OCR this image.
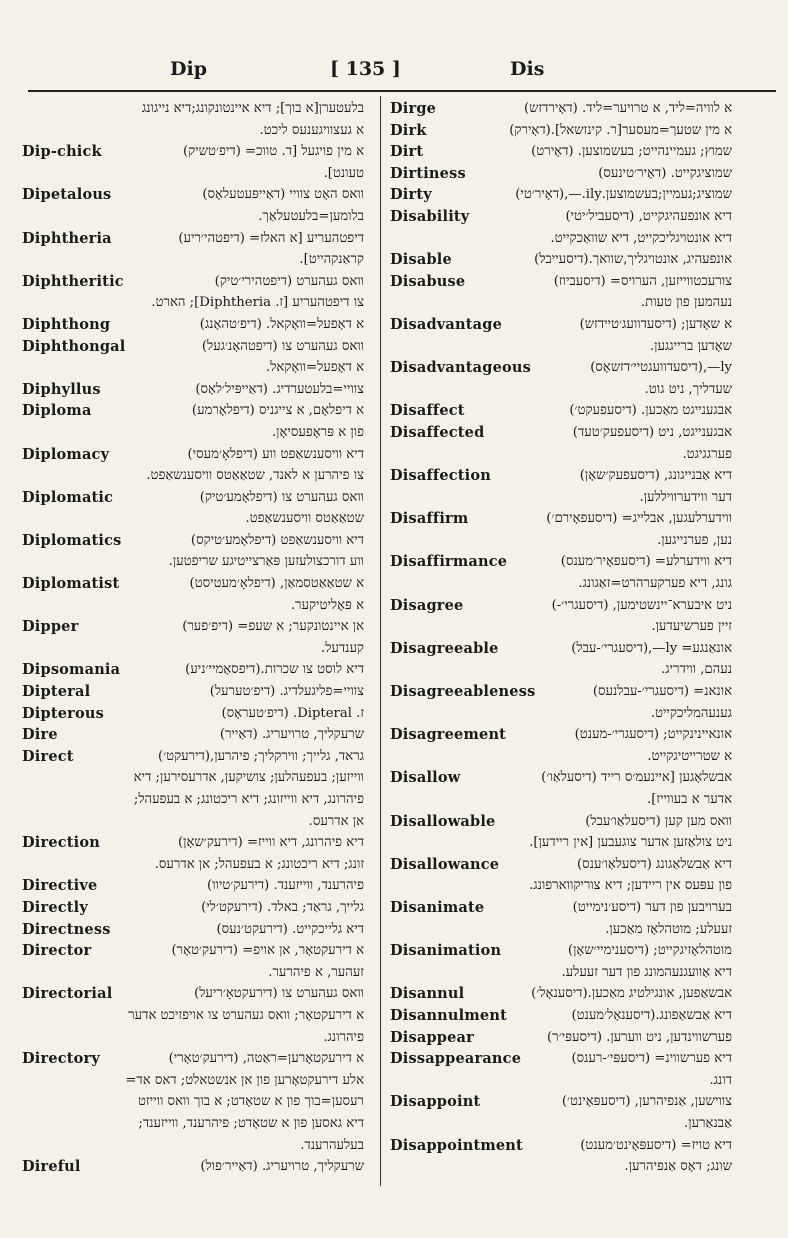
Dip	[ 135 ]	Dis
בלעטערן[א בוך]; דיא איינטונקונג;דיא נייגונג
א געצוויגענעס ליכט.
Dip-chick	א מין פויגעל [ד. טווכ= (דיפ׳טשיק)
טעונט].
Dipetalous	וואס האָט צוויי (דאַייפּעטעלאָס)
בלומען=בלעטעלאַך.
Diphtheria	דיפטהעריע [א האלז= (דיפטהי׳ריע)
קראַנקהייט].
Diphtheritic	וואס געהערט (דיפטהירי׳טיק)
צו דיפטהעריע [ז. Diphtheria]; הארט.
Diphthong	א דאָפעל=וואָקאל. (דיפ׳טהאָנג)
Diphthongal	וואס געהערט צו (דיפטהאָנ׳געל)
א דאָפעל=וואָקאל.
Diphyllus	צוויי=בלעטערדיג. (דאַייפּיל׳לאָס)
Diploma	א דיפלאָם, א צייגניס (דיפלאָרמע)
פון א פּראָפעסיאָן.
Diplomacy	דיא וויסענשאַפט ווע (דיפלאָ׳מעסי)
צו פיהרען א לאנד, שטאַאַטס וויסענשאַפט.
Diplomatic	וואס געהערט צו (דיפלאָמע׳טיק)
שטאַאַטס וויסענשאַפט.
Diplomatics	דיא וויסענשאַפט (דיפלאָמע׳טיקס)
ווע דורכצולעזען פּאַרצייטיגע שריפטען.
Diplomatist	א שטאַאַטסמאַן, (דיפלאָ׳מעטיסט)
א פּאָליטיקער.
Dipper	אן איינטונקער; א שעפ= (דיפ׳פער)
קענדעל.
Dipsomania	דיא לוסט צו שכרות.(דיפסאָמיי׳ניע)
Dipteral	צוויי=פליגעלדיג. (דיפ׳טערעל)
Dipterous	ז. Dipteral. (דיפ׳טעראָס)
Dire	שרעקליך, טרויעריג. (דאַייר)
Direct	גראד, גלייך; ווירקליך; פיהרען,(דירעקט׳)
ווייזען; בעפעהלען; צושיקען, אדרעסירען; דיא
פיהרונג, דיא ווייזונג; דיא ריכטונג; א בעפעהל;
אן אדרעס.
Direction	דיא פיהרונג, דיא ווייז= (דירעק׳שאָן)
זונג; דיא ריכטונג; א בעפעהל; אן אדרעס.
Directive	פיהרענד, ווייזענד. (דירעק׳טיוו)
Directly	גלייך, גראַד; באלד. (דירעקט׳לי)
Directness	דיא גלייכקייט. (דירעקט׳נעס)
Director	א דירעקטאָר, אן אויפ= (דירעק׳טאָר)
זעהער, א פיהרער.
Directorial	וואס געהערט צו (דירעקטאָ׳ריעל)
א דירעקטאָר; וואס געהערט צו אויפזיכט אדער
פיהרונג.
Directory	א דירעקטאָרען=ראַטה, (דירעק׳טאָרי)
אלע דירעקטאָרען פון אן אנשטאלט; דאס אד=
רעסען=בוך פון א שטאָדט; א בוך וואס ווייזט
דיא גאסען פון א שטאָדט; פיהרענד, ווייזענד;
בעלעהרענד.
Direful	שרעקליך, טרויעריג. (דאַייר׳פול)
Dirge	א לוויה=ליד, א טרויער=ליד. (דאָירדזש)
Dirk	א מין שטעך=מעסער[ר. קינזשאל].(דאָירק)
Dirt	שמוץ; געמיינהייט; בעשמוצען. (דאָירט)
Dirtiness	שמוציגקייט. (דאָיר׳טינעס)
Dirty	שמוציג;געמיין;בעשמוצען.ily.—,(דאָיר׳טי)
Disability	דיא אונפעהיגקייט, (דיסעביל׳יטי)
דיא אונטויגליכקייט, דיא שוואַכקייט.
Disable	אונפעהיג, אונטויגליך,שוואך.(דיסעייבל)
Disabuse	צורעכטווייזען, הערויס= (דיסעביוז)
נעהמען פון טעות.
Disadvantage	א שאָדען; (דיסעדוועג׳טיידזש)
שאָדען ברייגגען.
Disadvantageous	ly—,(דיסעדוועגטיי׳דזשאָס)
שעדליך, ניט גוט.
Disaffect	אבגענייגט מאַכען. (דיסעפעקט׳)
Disaffected	אבגענייגט, ניט (דיסעפעק׳טעד)
פערגגיגט.
Disaffection	דיא אַבנייגונג, (דיסעפעק׳שאָן)
דער ווידערוויללען.
Disaffirm	ווידערלעגען, אבלייג= (דיסעפאָירם׳)
נען, פערנייגען.
Disaffirmance	דיא ווידערלע= (דיסעפאָיר׳מענס)
גונג, דיא פערקערהרט=זאַגונג.
Disagree	ניט איבערא־יינשטימען, (דיסעגרי׳-)
זיין פערשיעדען.
Disagreeable	אונאַנגע= ly—,(דיסעגרי׳-עבל)
נעהם, ווידריג.
Disagreeableness	אונאנ= (דיסעגרי׳-עבלנעס)
גענעהמליכקייט.
Disagreement	אונאיינינקייט; (דיסעגרי׳-מענט)
א שטרייטיגקייט.
Disallow	אבשלאָגען [איינעמ׳ס רייד (דיסעלאַו׳)
אדער א בעווייז].
Disallowable	וואס מען קען (דיסעלאַו׳עבל)
ניט צולאַזען אדער צוגעבען [אין ריידען].
Disallowance	דיא אַבשלאַגונג (דיסעלאַו׳ענס)
פון עפּעס אין ריידען; דיא צוריקווארפונג.
Disanimate	בערויבען פון דער (דיסע׳נימייט)
זעעלע; מוטהלאָז מאַכען.
Disanimation	מוטהלאָזיגקייט; (דיסענימיי׳שאָן)
דיא אַוועגנעהמונג פון דער זעעלע.
Disannul	אבשאַפען, אונגילטיג מאַכען.(דיסענאָל׳)
Disannulment	דיא אַבשאַפונג.(דיסענאָל׳מענט)
Disappear	פערשווינדען, ניט ווערען. (דיסעפּי׳ר)
Dissappearance	דיא פערשווינ= (דיסעפּי׳-רענס)
דונג.
Disappoint	צווישען, אַנפיהרען, (דיסעפּאָינט׳)
אַבנאַרען.
Disappointment	דיא טויז= (דיסעפּאָינט׳מענט)
שונג; דאָס אַנפיהרען.
